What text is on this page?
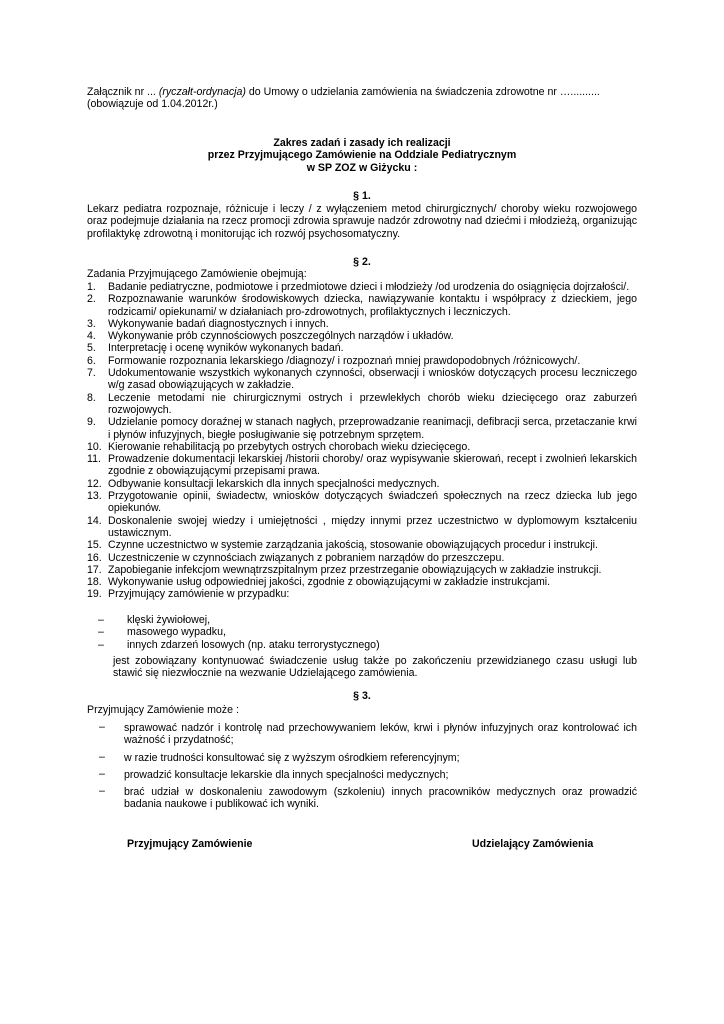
Załącznik nr ... (ryczałt-ordynacja) do Umowy o udzielania zamówienia na świadczenia zdrowotne nr …..........
(obowiązuje od 1.04.2012r.)
Zakres zadań i zasady ich realizacji
przez Przyjmującego Zamówienie na Oddziale Pediatrycznym
w SP ZOZ w Giżycku :
§ 1.
Lekarz pediatra rozpoznaje, różnicuje i leczy / z wyłączeniem metod chirurgicznych/ choroby wieku rozwojowego oraz podejmuje działania na rzecz promocji zdrowia sprawuje nadzór zdrowotny nad dziećmi i młodzieżą, organizując profilaktykę zdrowotną i monitorując ich rozwój psychosomatyczny.
§ 2.
Zadania Przyjmującego Zamówienie obejmują:
1. Badanie pediatryczne, podmiotowe i przedmiotowe dzieci i młodzieży /od urodzenia do osiągnięcia dojrzałości/.
2. Rozpoznawanie warunków środowiskowych dziecka, nawiązywanie kontaktu i współpracy z dzieckiem, jego rodzicami/ opiekunami/ w działaniach pro-zdrowotnych, profilaktycznych i leczniczych.
3. Wykonywanie badań diagnostycznych i innych.
4. Wykonywanie prób czynnościowych poszczególnych narządów i układów.
5. Interpretację i ocenę wyników wykonanych badań.
6. Formowanie rozpoznania lekarskiego /diagnozy/ i rozpoznań mniej prawdopodobnych /różnicowych/.
7. Udokumentowanie wszystkich wykonanych czynności, obserwacji i wniosków dotyczących procesu leczniczego w/g zasad obowiązujących w zakładzie.
8. Leczenie metodami nie chirurgicznymi ostrych i przewlekłych chorób wieku dziecięcego oraz zaburzeń rozwojowych.
9. Udzielanie pomocy doraźnej w stanach nagłych, przeprowadzanie reanimacji, defibracji serca, przetaczanie krwi i płynów infuzyjnych, biegłe posługiwanie się potrzebnym sprzętem.
10. Kierowanie rehabilitacją po przebytych ostrych chorobach wieku dziecięcego.
11. Prowadzenie dokumentacji lekarskiej /historii choroby/ oraz wypisywanie skierowań, recept i zwolnień lekarskich zgodnie z obowiązującymi przepisami prawa.
12. Odbywanie konsultacji lekarskich dla innych specjalności medycznych.
13. Przygotowanie opinii, świadectw, wniosków dotyczących świadczeń społecznych na rzecz dziecka lub jego opiekunów.
14. Doskonalenie swojej wiedzy i umiejętności , między innymi przez uczestnictwo w dyplomowym kształceniu ustawicznym.
15. Czynne uczestnictwo w systemie zarządzania jakością, stosowanie obowiązujących procedur i instrukcji.
16. Uczestniczenie w czynnościach związanych z pobraniem narządów do przeszczepu.
17. Zapobieganie infekcjom wewnątrzszpitalnym przez przestrzeganie obowiązujących w zakładzie instrukcji.
18. Wykonywanie usług odpowiedniej jakości, zgodnie z obowiązującymi w zakładzie instrukcjami.
19. Przyjmujący zamówienie w przypadku:
– klęski żywiołowej,
– masowego wypadku,
– innych zdarzeń losowych (np. ataku terrorystycznego)
jest zobowiązany kontynuować świadczenie usług także po zakończeniu przewidzianego czasu usługi lub stawić się niezwłocznie na wezwanie Udzielającego zamówienia.
§ 3.
Przyjmujący Zamówienie może :
– sprawować nadzór i kontrolę nad przechowywaniem leków, krwi i płynów infuzyjnych oraz kontrolować ich ważność i przydatność;
– w razie trudności konsultować się z wyższym ośrodkiem referencyjnym;
– prowadzić konsultacje lekarskie dla innych specjalności medycznych;
– brać udział w doskonaleniu zawodowym (szkoleniu) innych pracowników medycznych oraz prowadzić badania naukowe i publikować ich wyniki.
Przyjmujący Zamówienie	Udzielający Zamówienia
